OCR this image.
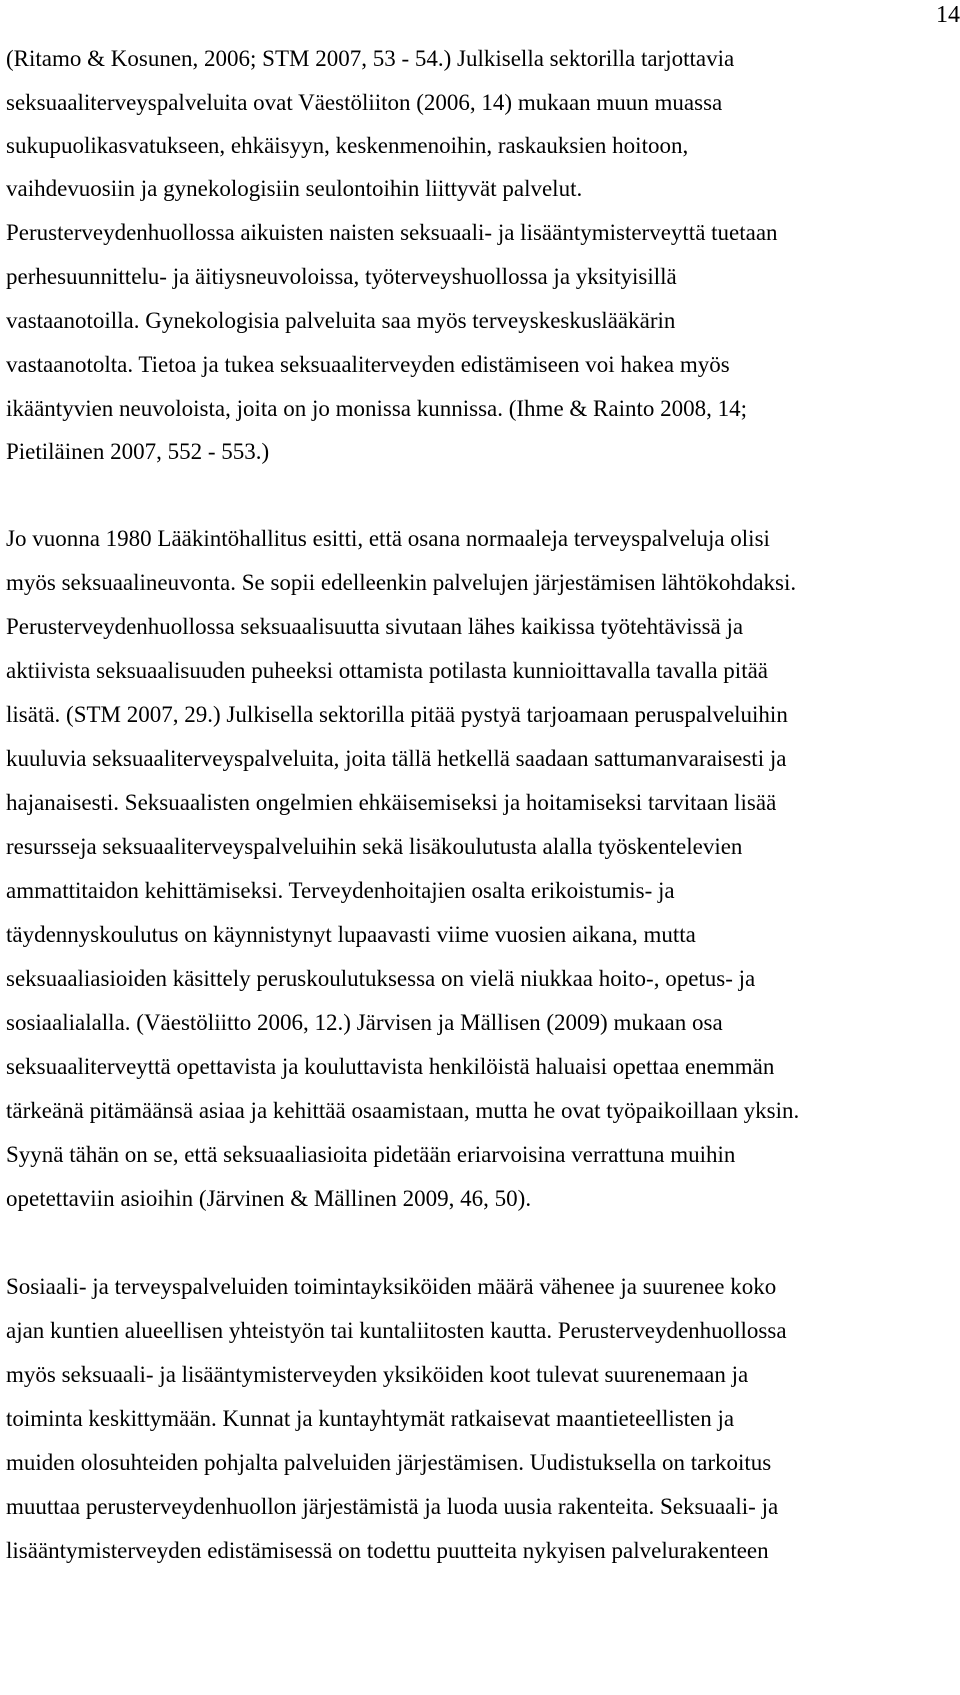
14
(Ritamo & Kosunen, 2006; STM 2007, 53 - 54.) Julkisella sektorilla tarjottavia
seksuaaliterveyspalveluita ovat Väestöliiton (2006, 14) mukaan muun muassa
sukupuolikasvatukseen, ehkäisyyn, keskenmenoihin, raskauksien hoitoon,
vaihdevuosiin ja gynekologisiin seulontoihin liittyvät palvelut.
Perusterveydenhuollossa aikuisten naisten seksuaali- ja lisääntymisterveyttä tuetaan
perhesuunnittelu- ja äitiysneuvoloissa, työterveyshuollossa ja yksityisillä
vastaanotoilla. Gynekologisia palveluita saa myös terveyskeskuslääkärin
vastaanotolta. Tietoa ja tukea seksuaaliterveyden edistämiseen voi hakea myös
ikääntyvien neuvoloista, joita on jo monissa kunnissa. (Ihme & Rainto 2008, 14;
Pietiläinen 2007, 552 - 553.)
Jo vuonna 1980 Lääkintöhallitus esitti, että osana normaaleja terveyspalveluja olisi
myös seksuaalineuvonta. Se sopii edelleenkin palvelujen järjestämisen lähtökohdaksi.
Perusterveydenhuollossa seksuaalisuutta sivutaan lähes kaikissa työtehtävissä ja
aktiivista seksuaalisuuden puheeksi ottamista potilasta kunnioittavalla tavalla pitää
lisätä. (STM 2007, 29.) Julkisella sektorilla pitää pystyä tarjoamaan peruspalveluihin
kuuluvia seksuaaliterveyspalveluita, joita tällä hetkellä saadaan sattumanvaraisesti ja
hajanaisesti. Seksuaalisten ongelmien ehkäisemiseksi ja hoitamiseksi tarvitaan lisää
resursseja seksuaaliterveyspalveluihin sekä lisäkoulutusta alalla työskentelevien
ammattitaidon kehittämiseksi. Terveydenhoitajien osalta erikoistumis- ja
täydennyskoulutus on käynnistynyt lupaavasti viime vuosien aikana, mutta
seksuaaliasioiden käsittely peruskoulutuksessa on vielä niukkaa hoito-, opetus- ja
sosiaalialalla. (Väestöliitto 2006, 12.) Järvisen ja Mällisen (2009) mukaan osa
seksuaaliterveyttä opettavista ja kouluttavista henkilöistä haluaisi opettaa enemmän
tärkeänä pitämäänsä asiaa ja kehittää osaamistaan, mutta he ovat työpaikoillaan yksin.
Syynä tähän on se, että seksuaaliasioita pidetään eriarvoisina verrattuna muihin
opetettaviin asioihin (Järvinen & Mällinen 2009, 46, 50).
Sosiaali- ja terveyspalveluiden toimintayksiköiden määrä vähenee ja suurenee koko
ajan kuntien alueellisen yhteistyön tai kuntaliitosten kautta. Perusterveydenhuollossa
myös seksuaali- ja lisääntymisterveyden yksiköiden koot tulevat suurenemaan ja
toiminta keskittymään. Kunnat ja kuntayhtymät ratkaisevat maantieteellisten ja
muiden olosuhteiden pohjalta palveluiden järjestämisen. Uudistuksella on tarkoitus
muuttaa perusterveydenhuollon järjestämistä ja luoda uusia rakenteita. Seksuaali- ja
lisääntymisterveyden edistämisessä on todettu puutteita nykyisen palvelurakenteen
